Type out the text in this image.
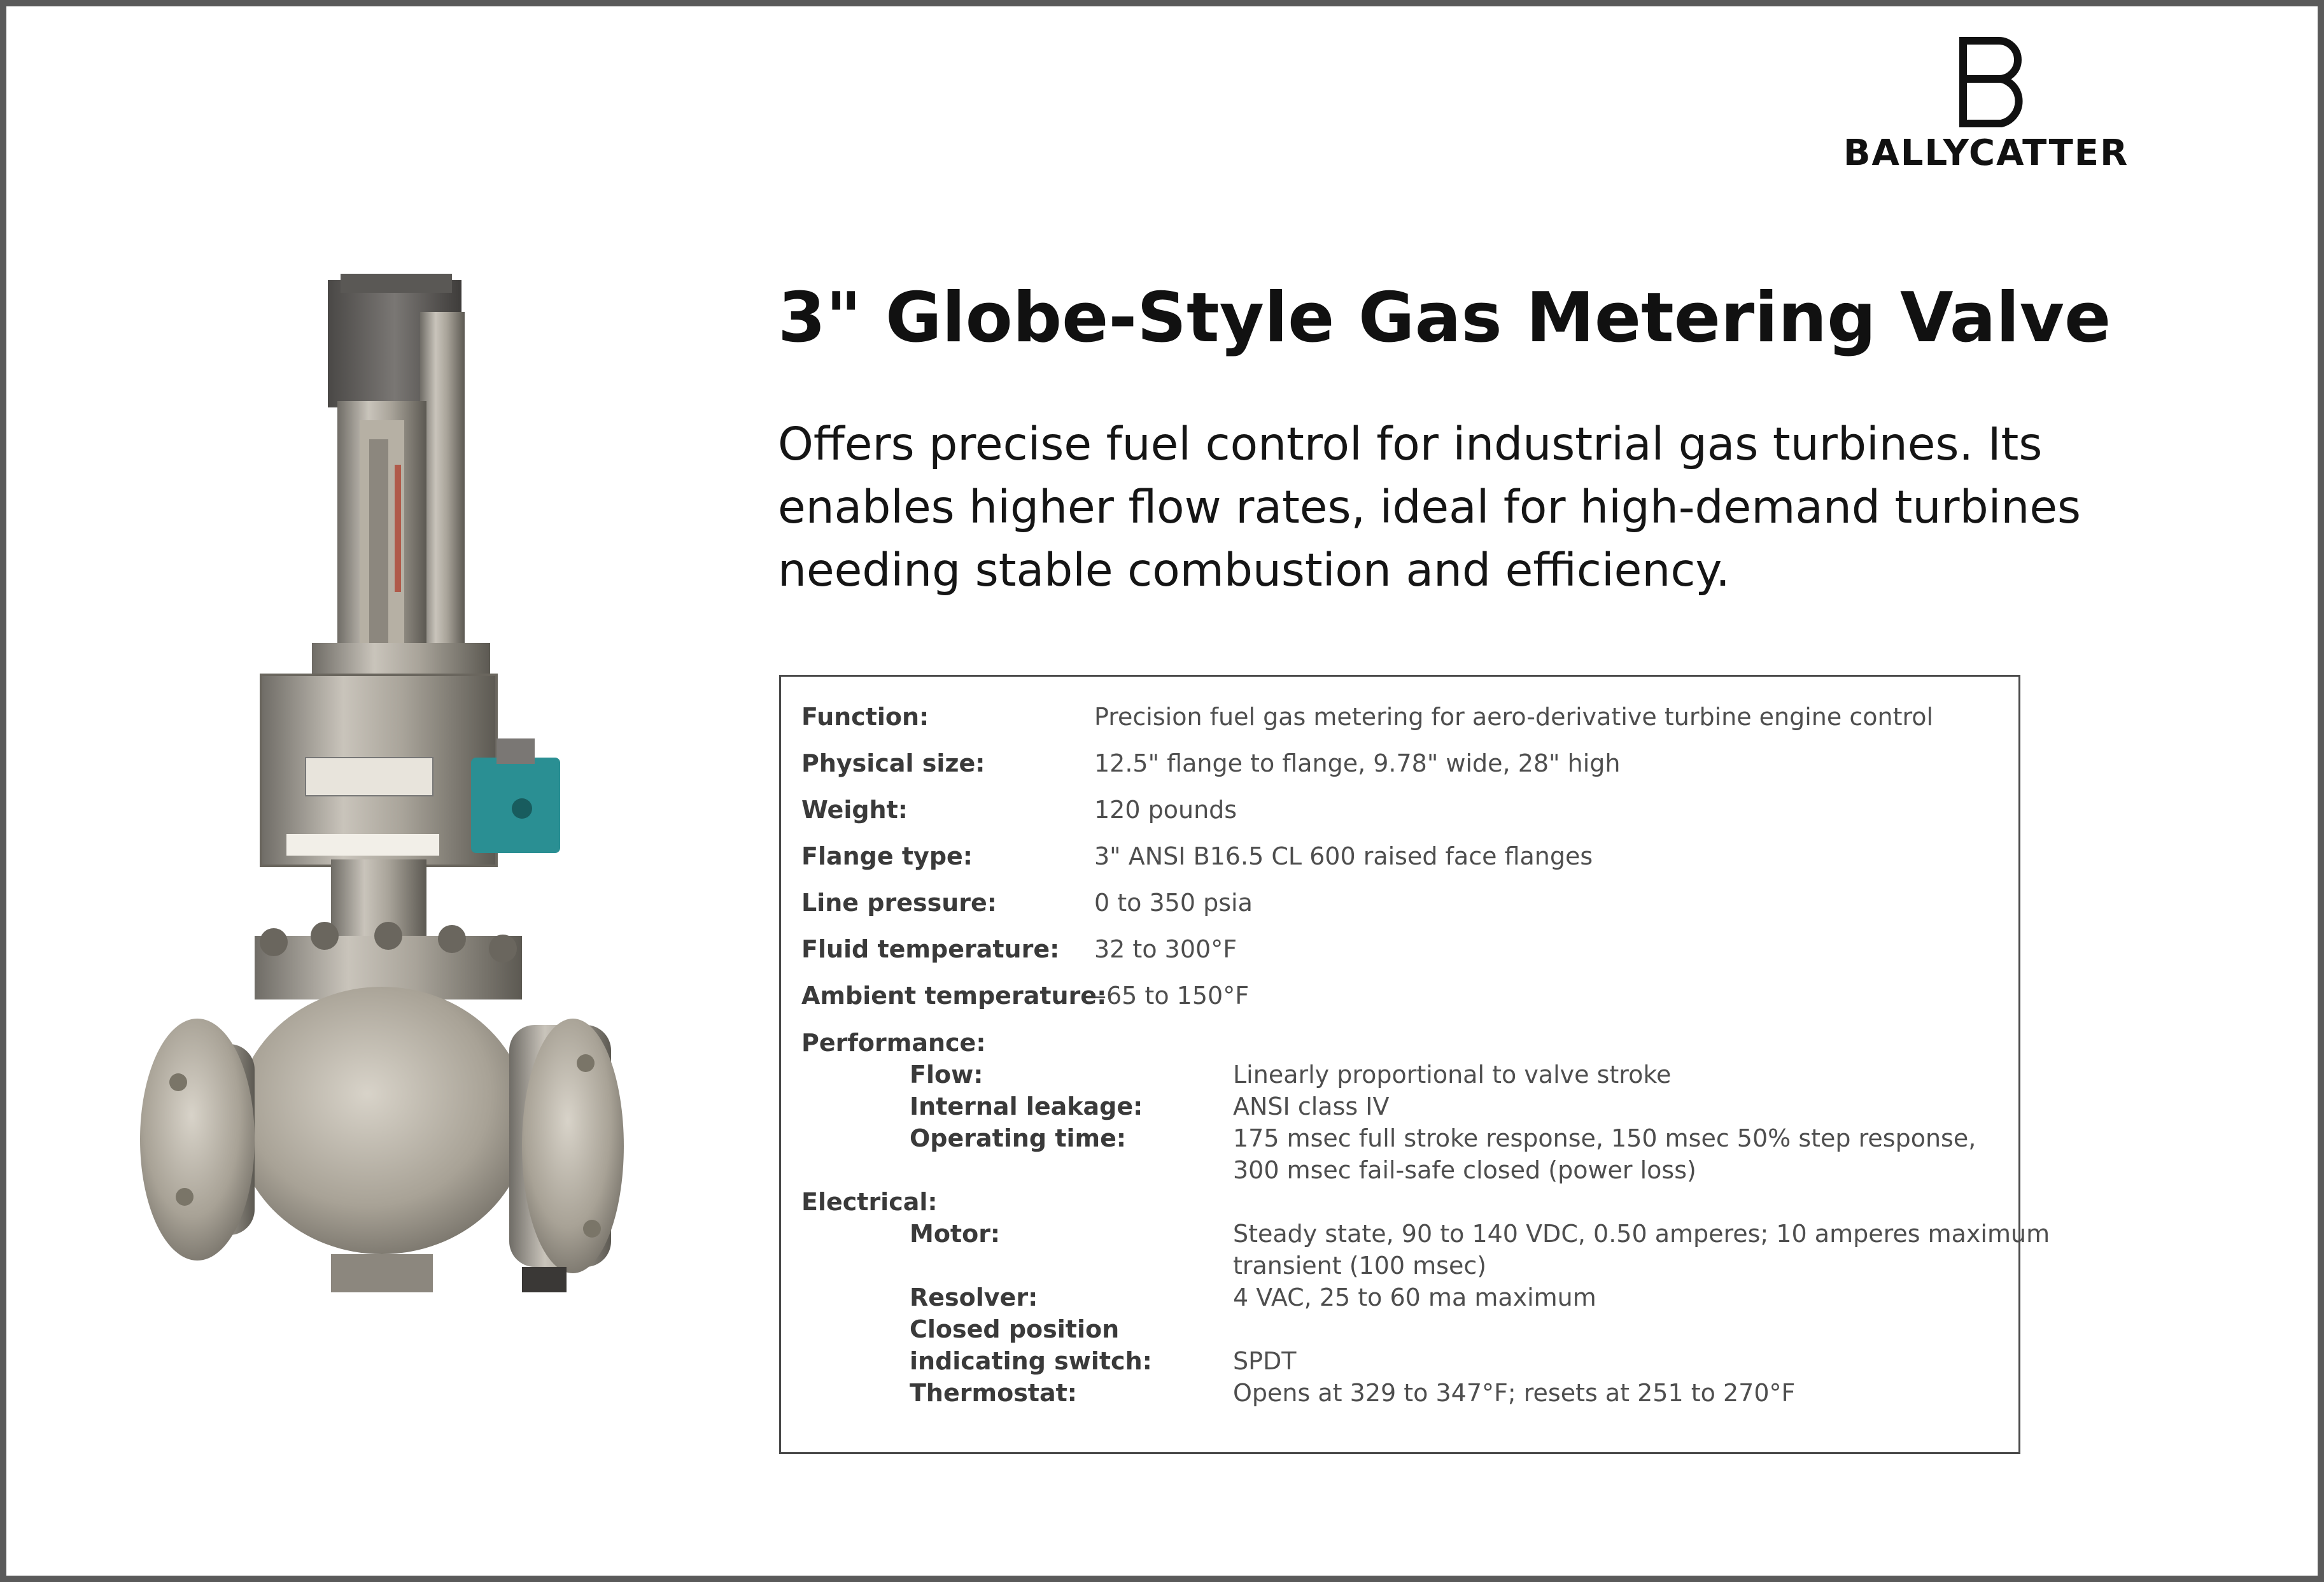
BALLYCATTER
3" Globe-Style Gas Metering Valve
Offers precise fuel control for industrial gas turbines. Its enables higher flow rates, ideal for high-demand turbines needing stable combustion and efficiency.
Function:	Precision fuel gas metering for aero-derivative turbine engine control
Physical size:	12.5" flange to flange, 9.78" wide, 28" high
Weight:	120 pounds
Flange type:	3" ANSI B16.5 CL 600 raised face flanges
Line pressure:	0 to 350 psia
Fluid temperature: 32 to 300°F
Ambient temperature:
–65 to 150°F
Performance:
Flow:	Linearly proportional to valve stroke
Internal leakage:	ANSI class IV
Operating time:	175 msec full stroke response, 150 msec 50% step response,
300 msec fail-safe closed (power loss)
Electrical:
Motor:	Steady state, 90 to 140 VDC, 0.50 amperes; 10 amperes maximum
transient (100 msec)
Resolver:	4 VAC, 25 to 60 ma maximum
Closed position
indicating switch:	SPDT
Thermostat:	Opens at 329 to 347°F; resets at 251 to 270°F
